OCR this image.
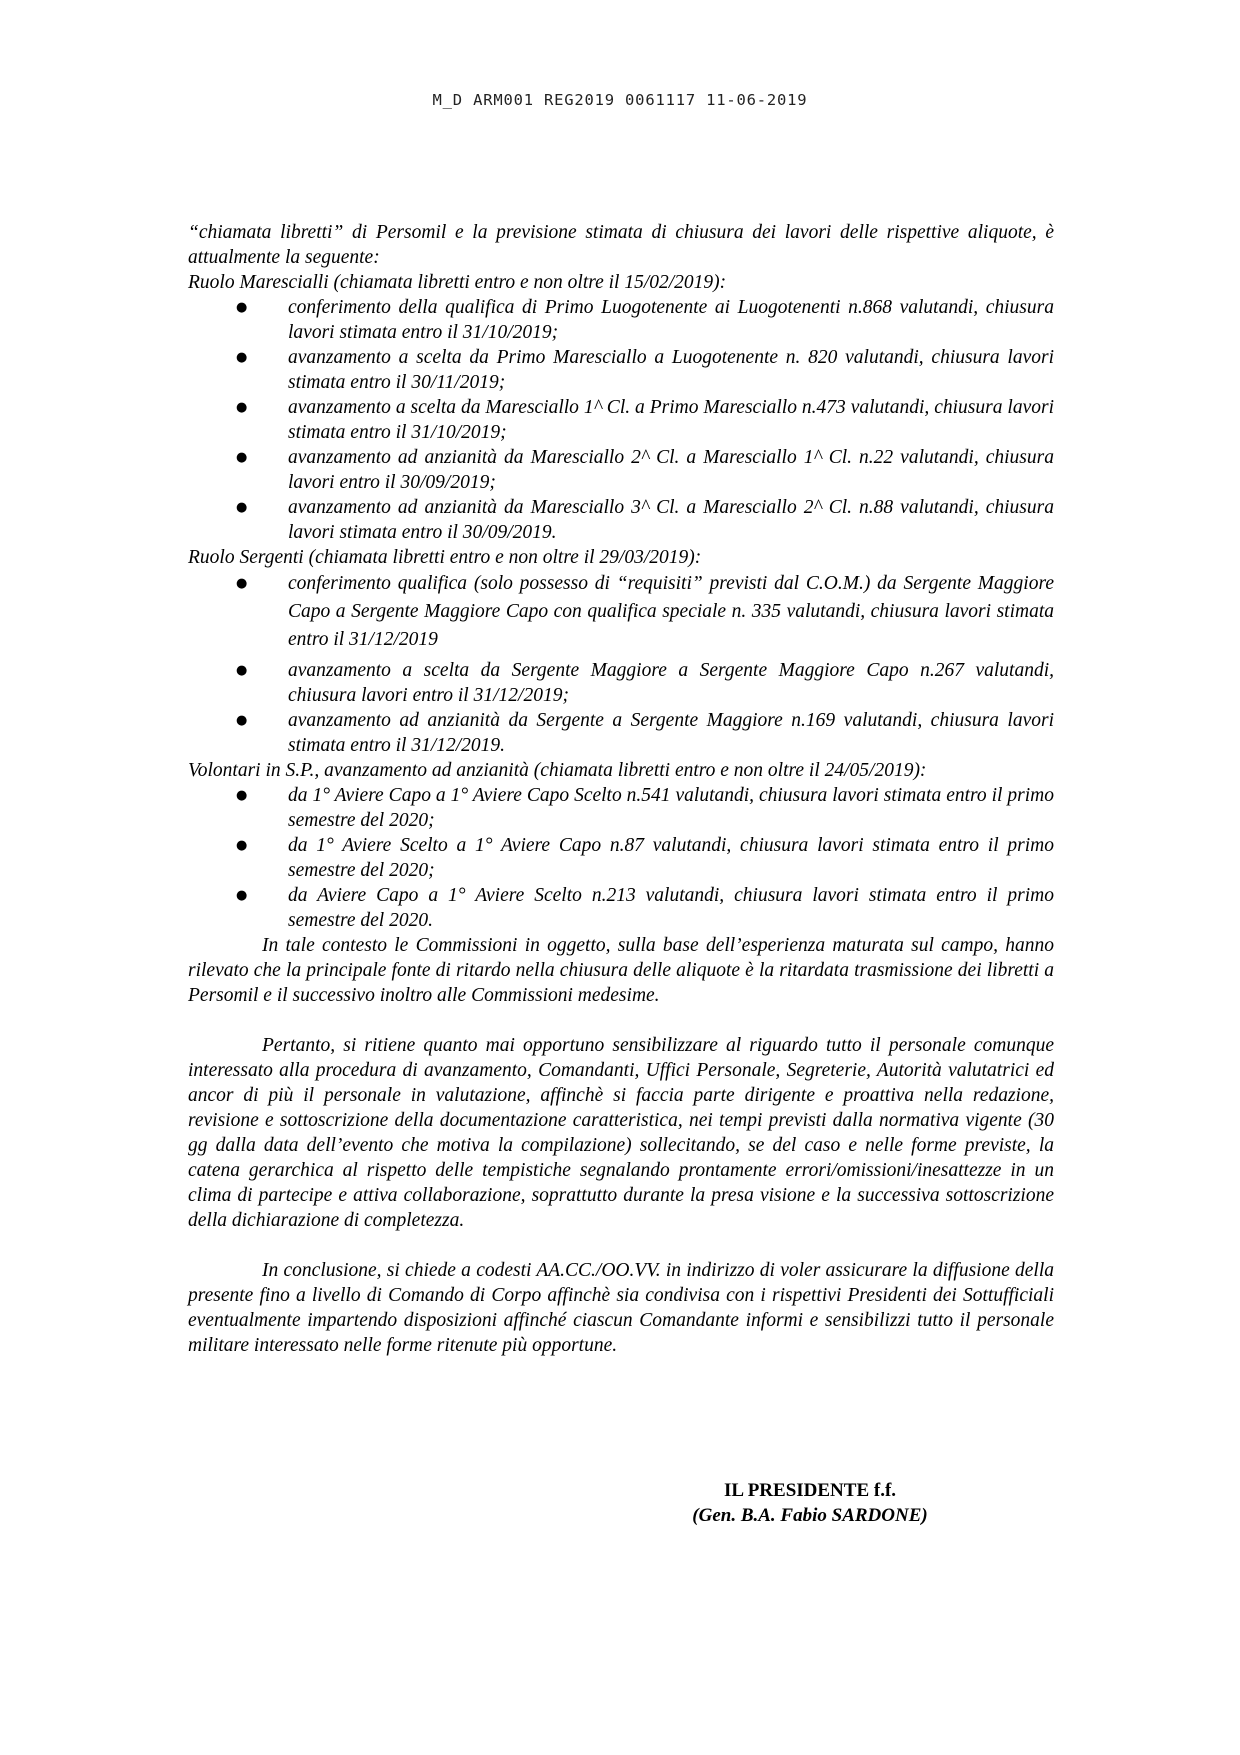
M_D ARM001 REG2019 0061117 11-06-2019

“chiamata libretti” di Persomil e la previsione stimata di chiusura dei lavori delle rispettive aliquote, è attualmente la seguente:

Ruolo Marescialli (chiamata libretti entro e non oltre il 15/02/2019):

● conferimento della qualifica di Primo Luogotenente ai Luogotenenti n.868 valutandi, chiusura lavori stimata entro il 31/10/2019;
● avanzamento a scelta da Primo Maresciallo a Luogotenente n. 820 valutandi, chiusura lavori stimata entro il 30/11/2019;
● avanzamento a scelta da Maresciallo 1^ Cl. a Primo Maresciallo n.473 valutandi, chiusura lavori stimata entro il 31/10/2019;
● avanzamento ad anzianità da Maresciallo 2^ Cl. a Maresciallo 1^ Cl. n.22 valutandi, chiusura lavori entro il 30/09/2019;
● avanzamento ad anzianità da Maresciallo 3^ Cl. a Maresciallo 2^ Cl. n.88 valutandi, chiusura lavori stimata entro il 30/09/2019.

Ruolo Sergenti (chiamata libretti entro e non oltre il 29/03/2019):

● conferimento qualifica (solo possesso di “requisiti” previsti dal C.O.M.) da Sergente Maggiore Capo a Sergente Maggiore Capo con qualifica speciale n. 335 valutandi, chiusura lavori stimata entro il 31/12/2019
● avanzamento a scelta da Sergente Maggiore a Sergente Maggiore Capo n.267 valutandi, chiusura lavori entro il 31/12/2019;
● avanzamento ad anzianità da Sergente a Sergente Maggiore n.169 valutandi, chiusura lavori stimata entro il 31/12/2019.

Volontari in S.P., avanzamento ad anzianità (chiamata libretti entro e non oltre il 24/05/2019):

● da 1° Aviere Capo a 1° Aviere Capo Scelto n.541 valutandi, chiusura lavori stimata entro il primo semestre del 2020;
● da 1° Aviere Scelto a 1° Aviere Capo n.87 valutandi, chiusura lavori stimata entro il primo semestre del 2020;
● da Aviere Capo a 1° Aviere Scelto n.213 valutandi, chiusura lavori stimata entro il primo semestre del 2020.

In tale contesto le Commissioni in oggetto, sulla base dell’esperienza maturata sul campo, hanno rilevato che la principale fonte di ritardo nella chiusura delle aliquote è la ritardata trasmissione dei libretti a Persomil e il successivo inoltro alle Commissioni medesime.

Pertanto, si ritiene quanto mai opportuno sensibilizzare al riguardo tutto il personale comunque interessato alla procedura di avanzamento, Comandanti, Uffici Personale, Segreterie, Autorità valutatrici ed ancor di più il personale in valutazione, affinchè si faccia parte dirigente e proattiva nella redazione, revisione e sottoscrizione della documentazione caratteristica, nei tempi previsti dalla normativa vigente (30 gg dalla data dell’evento che motiva la compilazione) sollecitando, se del caso e nelle forme previste, la catena gerarchica al rispetto delle tempistiche segnalando prontamente errori/omissioni/inesattezze in un clima di partecipe e attiva collaborazione, soprattutto durante la presa visione e la successiva sottoscrizione della dichiarazione di completezza.

In conclusione, si chiede a codesti AA.CC./OO.VV. in indirizzo di voler assicurare la diffusione della presente fino a livello di Comando di Corpo affinchè sia condivisa con i rispettivi Presidenti dei Sottufficiali eventualmente impartendo disposizioni affinché ciascun Comandante informi e sensibilizzi tutto il personale militare interessato nelle forme ritenute più opportune.

IL PRESIDENTE f.f.
(Gen. B.A. Fabio SARDONE)
